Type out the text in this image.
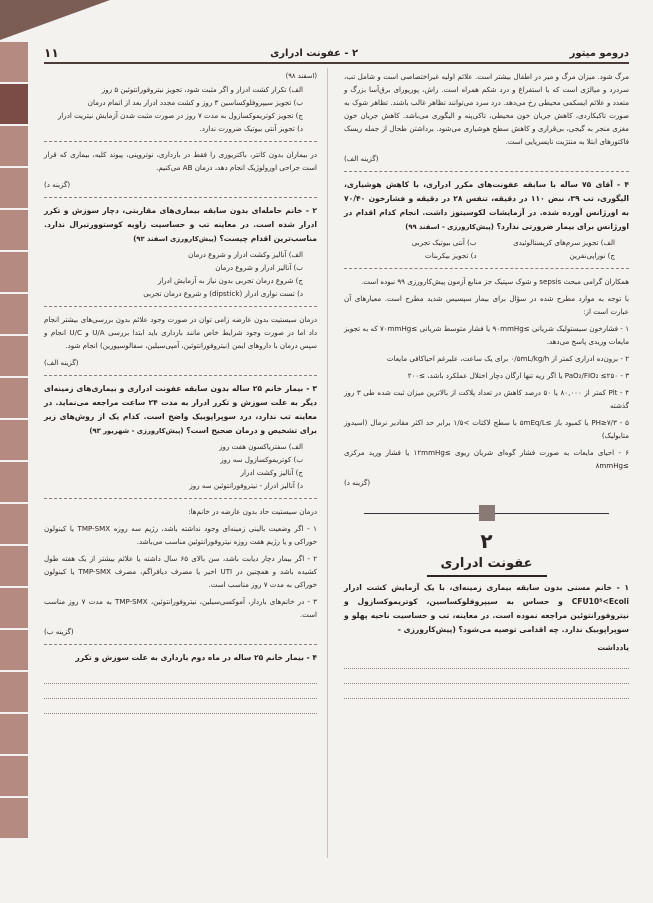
درومو میتور
۲ - عفونت ادراری
۱۱

مرگ شود. میزان مرگ و میر در اطفال بیشتر است. علائم اولیه غیراختصاصی است و شامل تب، سردرد و میالژی است که با استفراغ و درد شکم همراه است. راش، پورپورای برق‌آسا بزرگ و متعدد و علائم ایسکمی محیطی رخ می‌دهد. درد سرد می‌توانند تظاهر غالب باشند. تظاهر شوک به صورت تاکیکاردی، کاهش جریان خون محیطی، تاکی‌پنه و الیگوری می‌باشد. کاهش جریان خون مغزی منجر به گیجی، بی‌قراری و کاهش سطح هوشیاری می‌شود. برداشتن طحال از جمله ریسک فاکتورهای ابتلا به منتژیت نایسریایی است.

(گزینه الف)

۴ - آقای ۷۵ ساله با سابقه عفونت‌های مکرر ادراری، با کاهش هوشیاری، الیگوری، تب ۳۹، نبض ۱۱۰ در دقیقه، تنفس ۲۸ در دقیقه و فشارخون ۷۰/۴۰ به اورژانس آورده شده. در آزمایشات لکوسیتوز داشت. انجام کدام اقدام در اورژانس برای بیمار ضرورتی ندارد؟ (پیش‌کارورزی - اسفند ۹۹)

الف) تجویز سرم‌های کریستالوئیدی
ب) آنتی بیوتیک تجربی
ج) نوراپی‌نفرین
د) تجویز بیکربنات

همکاران گرامی مبحث sepsis و شوک سپتیک جز منابع آزمون پیش‌کارورزی ۹۹ نبوده است.

با توجه به موارد مطرح شده در سؤال برای بیمار سپسیس شدید مطرح است. معیارهای آن عبارت است از:

۱ - فشارخون سیستولیک شریانی ≥۹۰mmHg یا فشار متوسط شریانی ≥۷۰mmHg که به تجویز مایعات وریدی پاسخ می‌دهد.

۲ - برون‌ده ادراری کمتر از ۰/۵mL/kg/h برای یک ساعت، علیرغم احیاکافی مایعات

۳ - PaO₂/FIO₂ ≤۲۵۰ یا اگر ریه تنها ارگان دچار اختلال عملکرد باشد، ≥۲۰۰

۴ - Plt کمتر از ۸۰,۰۰۰ یا ۵۰ درصد کاهش در تعداد پلاکت از بالاترین میزان ثبت شده طی ۳ روز گذشته

۵ - PH≥۷/۳ یا کمبود باز ≥۵mEq/L با سطح لاکتات >۱/۵ برابر حد اکثر مقادیر نرمال (اسیدوز متابولیک)

۶ - احیای مایعات به صورت فشار گوه‌ای شریان ریوی ≥۱۲mmHg یا فشار ورید مرکزی ≥۸mmHg

(گزینه د)

۲
عفونت ادراری

۱ - خانم مسنی بدون سابقه بیماری زمینه‌ای، با یک آزمایش کشت ادرار CFU10⁵<Ecoli و حساس به سیپروفلوکساسین، کوتریموکسازول و نیتروفورانتوئین مراجعه نموده است. در معاینه، تب و حساسیت ناحیه پهلو و سوپراپوبیک ندارد. چه اقدامی توصیه می‌شود؟ (پیش‌کارورزی -

یادداشت

(اسفند ۹۸)

الف) تکرار کشت ادرار و اگر مثبت شود، تجویز نیتروفورانتوئین ۵ روز

ب) تجویز سیپروفلوکساسین ۳ روز و کشت مجدد ادرار بعد از اتمام درمان

ج) تجویز کوتریموکسازول به مدت ۷ روز در صورت مثبت شدن آزمایش نیتریت ادرار

د) تجویز آنتی بیوتیک ضرورت ندارد.

در بیماران بدون کاتتر، باکتریوری را فقط در بارداری، نوتروپنی، پیوند کلیه، بیماری که قرار است جراحی اورولوژیک انجام دهد، درمان AB می‌کنیم.

(گزینه د)

۲ - خانم حامله‌ای بدون سابقه بیماری‌های مقاربتی، دچار سوزش و تکرر ادرار شده است. در معاینه تب و حساسیت زاویه کوستوورتبرال ندارد. مناسب‌ترین اقدام چیست؟ (پیش‌کارورزی اسفند ۹۲)

الف) آنالیز وکشت ادرار و شروع درمان

ب) آنالیز ادرار و شروع درمان

ج) شروع درمان تجربی بدون نیاز به آزمایش ادرار

د) تست نواری ادرار (dipstick) و شروع درمان تجربی

درمان سیستیت بدون عارضه زامی توان در صورت وجود علائم بدون بررسی‌های بیشتر انجام داد اما در صورت وجود شرایط خاص مانند بارداری باید ابتدا بررسی U/A و U/C انجام و سپس درمان با داروهای ایمن (نیتروفورانتوئین، آمپی‌سیلین، سفالوسپورین) انجام شود.

(گزینه الف)

۳ - بیمار خانم ۲۵ ساله بدون سابقه عفونت ادراری و بیماری‌های زمینه‌ای دیگر به علت سوزش و تکرر ادرار به مدت ۲۴ ساعت مراجعه می‌نماید. در معاینه تب ندارد، درد سوپراپوبیک واضح است. کدام یک از روش‌های زیر برای تشخیص و درمان صحیح است؟ (پیش‌کارورزی - شهریور ۹۳)

الف) سفتریاکسون هفت روز

ب) کوتریموکسازول سه روز

ج) آنالیز وکشت ادرار

د) آنالیز ادرار - نیتروفورانتوئین سه روز

درمان سیستیت حاد بدون عارضه در خانم‌ها:

۱ - اگر وضعیت بالینی زمینه‌ای وجود نداشته باشد، رژیم سه روزه TMP-SMX یا کینولون خوراکی و یا رژیم هفت روزه نیتروفورانتوئین مناسب می‌باشد.

۲ - اگر بیمار دچار دیابت باشد، سن بالای ۶۵ سال داشته یا علائم بیشتر از یک هفته طول کشیده باشد و همچنین در UTI اخیر یا مصرف دیافراگم، مصرف TMP-SMX یا کینولون خوراکی به مدت ۷ روز مناسب است.

۳ - در خانم‌های باردار، آموکسی‌سیلین، نیتروفورانتوئین، TMP-SMX به مدت ۷ روز مناسب است.

(گزینه ب)

۴ - بیمار خانم ۲۵ ساله در ماه دوم بارداری به علت سوزش و تکرر
